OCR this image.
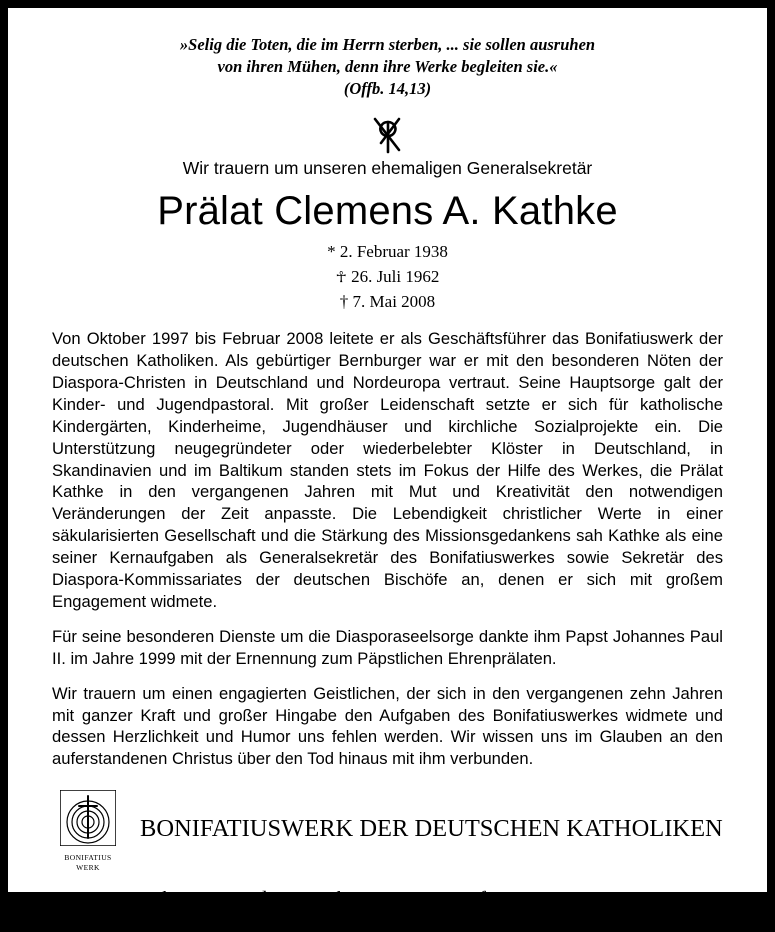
»Selig die Toten, die im Herrn sterben, ... sie sollen ausruhen
von ihren Mühen, denn ihre Werke begleiten sie.«
(Offb. 14,13)
Wir trauern um unseren ehemaligen Generalsekretär
Prälat Clemens A. Kathke
* 2. Februar 1938
☥ 26. Juli 1962
† 7. Mai 2008

Von Oktober 1997 bis Februar 2008 leitete er als Geschäftsführer das Bonifatiuswerk der deutschen Katholiken. Als gebürtiger Bernburger war er mit den besonderen Nöten der Diaspora-Christen in Deutschland und Nordeuropa vertraut. Seine Hauptsorge galt der Kinder- und Jugendpastoral. Mit großer Leidenschaft setzte er sich für katholische Kindergärten, Kinderheime, Jugendhäuser und kirchliche Sozialprojekte ein. Die Unterstützung neugegründeter oder wiederbelebter Klöster in Deutschland, in Skandinavien und im Baltikum standen stets im Fokus der Hilfe des Werkes, die Prälat Kathke in den vergangenen Jahren mit Mut und Kreativität den notwendigen Veränderungen der Zeit anpasste. Die Lebendigkeit christlicher Werte in einer säkularisierten Gesellschaft und die Stärkung des Missionsgedankens sah Kathke als eine seiner Kernaufgaben als Generalsekretär des Bonifatiuswerkes sowie Sekretär des Diaspora-Kommissariates der deutschen Bischöfe an, denen er sich mit großem Engagement widmete.

Für seine besonderen Dienste um die Diasporaseelsorge dankte ihm Papst Johannes Paul II. im Jahre 1999 mit der Ernennung zum Päpstlichen Ehrenprälaten.

Wir trauern um einen engagierten Geistlichen, der sich in den vergangenen zehn Jahren mit ganzer Kraft und großer Hingabe den Aufgaben des Bonifatiuswerkes widmete und dessen Herzlichkeit und Humor uns fehlen werden. Wir wissen uns im Glauben an den auferstandenen Christus über den Tod hinaus mit ihm verbunden.

BONIFATIUS
WERK
BONIFATIUSWERK DER DEUTSCHEN KATHOLIKEN
Georg Freiherr von und zu Brenken
Präsident
Pfarrer Georg Austen
Generalsekretär
